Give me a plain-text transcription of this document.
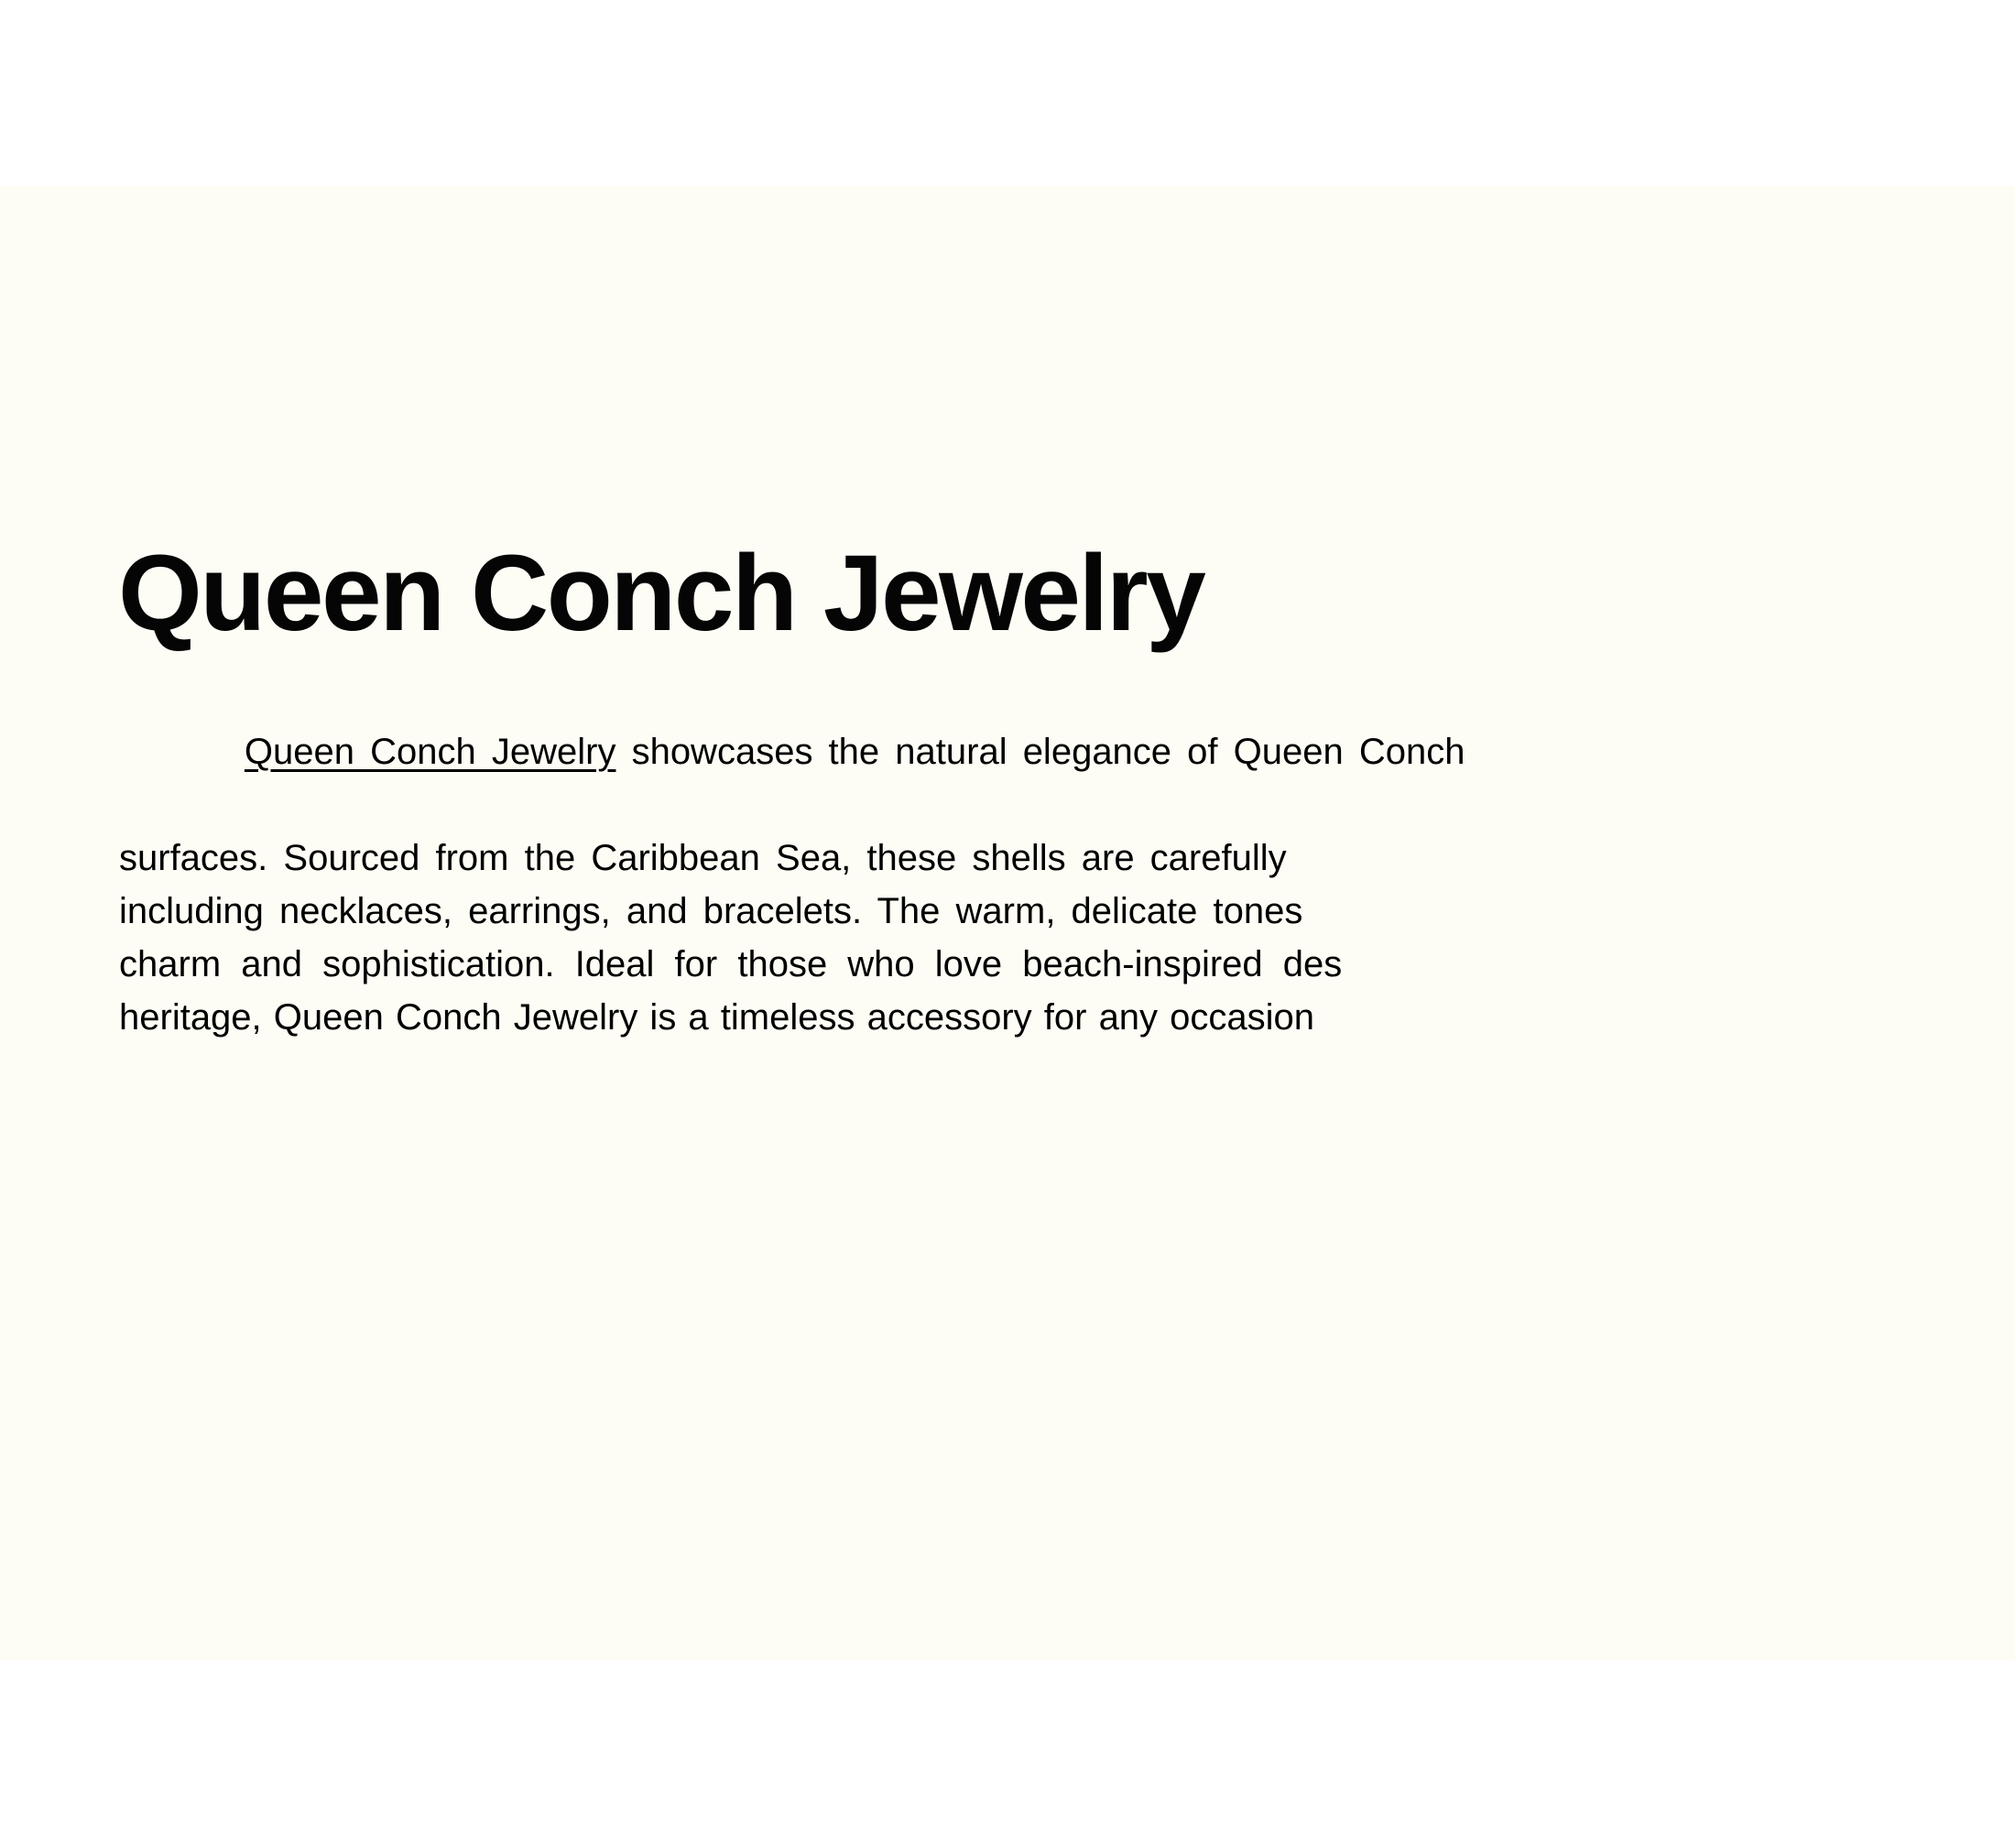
Queen Conch Jewelry

Queen Conch Jewelry showcases the natural elegance of Queen Conch

surfaces. Sourced from the Caribbean Sea, these shells are carefully
including necklaces, earrings, and bracelets. The warm, delicate tones
charm and sophistication. Ideal for those who love beach-inspired des
heritage, Queen Conch Jewelry is a timeless accessory for any occasion
